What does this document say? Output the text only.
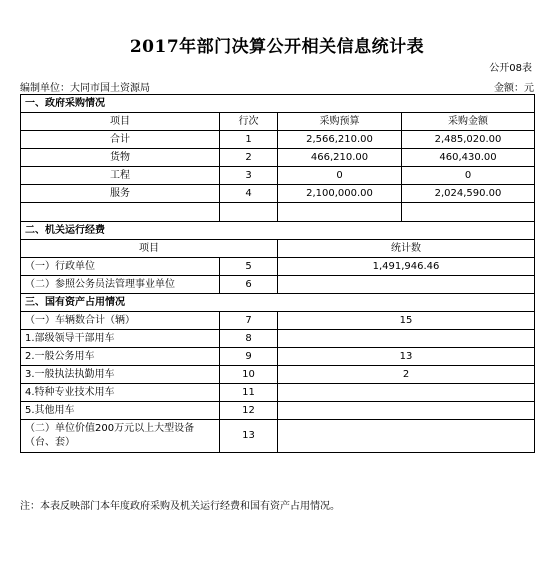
2017年部门决算公开相关信息统计表
公开08表
编制单位：大同市国土资源局	金额：元
一、政府采购情况			
项目	行次	采购预算	采购金额
合计	1	2,566,210.00	2,485,020.00
货物	2	466,210.00	460,430.00
工程	3	0	0
服务	4	2,100,000.00	2,024,590.00

二、机关运行经费			
项目		统计数	
（一）行政单位	5	1,491,946.46	
（二）参照公务员法管理事业单位	6		
三、国有资产占用情况			
（一）车辆数合计（辆）	7	15	
1.部级领导干部用车	8		
2.一般公务用车	9	13	
3.一般执法执勤用车	10	2	
4.特种专业技术用车	11		
5.其他用车	12		
（二）单位价值200万元以上大型设备（台、套）	13		
注：本表反映部门本年度政府采购及机关运行经费和国有资产占用情况。
